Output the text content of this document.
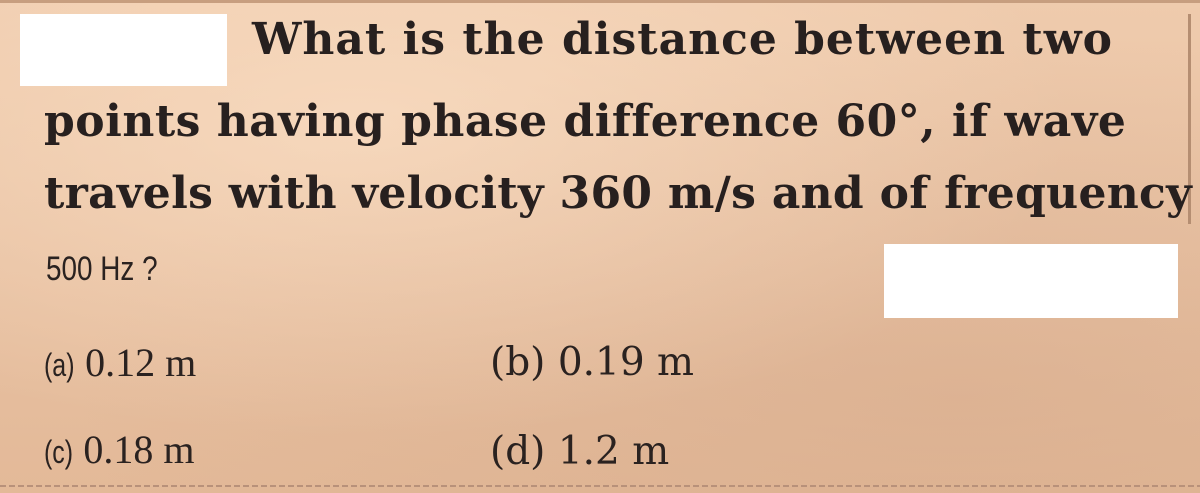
What is the distance between two

points having phase difference 60°, if wave

travels with velocity 360 m/s and of frequency

500 Hz ?

(a) 0.12 m	(b) 0.19 m
(c) 0.18 m	(d) 1.2 m
